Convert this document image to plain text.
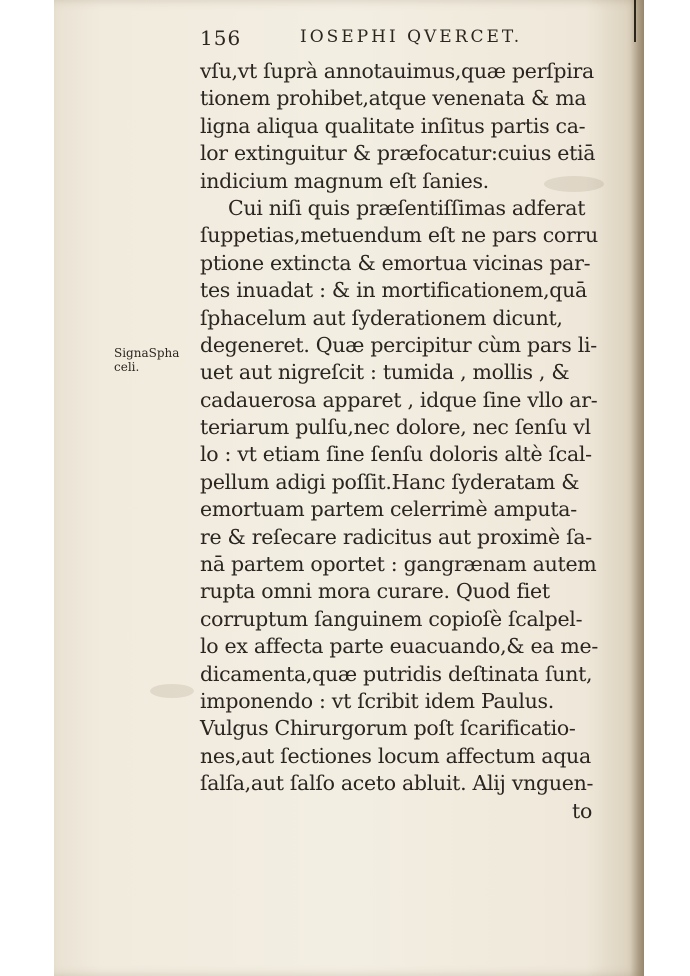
156	IOSEPHI QVERCET.
SignaSpha
celi.
vſu,vt ſuprà annotauimus,quæ perſpira
tionem prohibet,atque venenata & ma
ligna aliqua qualitate inſitus partis ca-
lor extinguitur & præfocatur:cuius etiā
indicium magnum eſt ſanies.
Cui niſi quis præſentiſſimas adferat
ſuppetias,metuendum eſt ne pars corru
ptione extincta & emortua vicinas par-
tes inuadat : & in mortificationem,quā
ſphacelum aut ſyderationem dicunt,
degeneret. Quæ percipitur cùm pars li-
uet aut nigreſcit : tumida , mollis , &
cadauerosa apparet , idque ſine vllo ar-
teriarum pulſu,nec dolore, nec ſenſu vl
lo : vt etiam ſine ſenſu doloris altè ſcal-
pellum adigi poſſit.Hanc ſyderatam &
emortuam partem celerrimè amputa-
re & reſecare radicitus aut proximè ſa-
nā partem oportet : gangrænam autem
rupta omni mora curare. Quod fiet
corruptum ſanguinem copioſè ſcalpel-
lo ex affecta parte euacuando,& ea me-
dicamenta,quæ putridis deſtinata ſunt,
imponendo : vt ſcribit idem Paulus.
Vulgus Chirurgorum poſt ſcarificatio-
nes,aut ſectiones locum affectum aqua
ſalſa,aut ſalſo aceto abluit. Alij vnguen-
to
